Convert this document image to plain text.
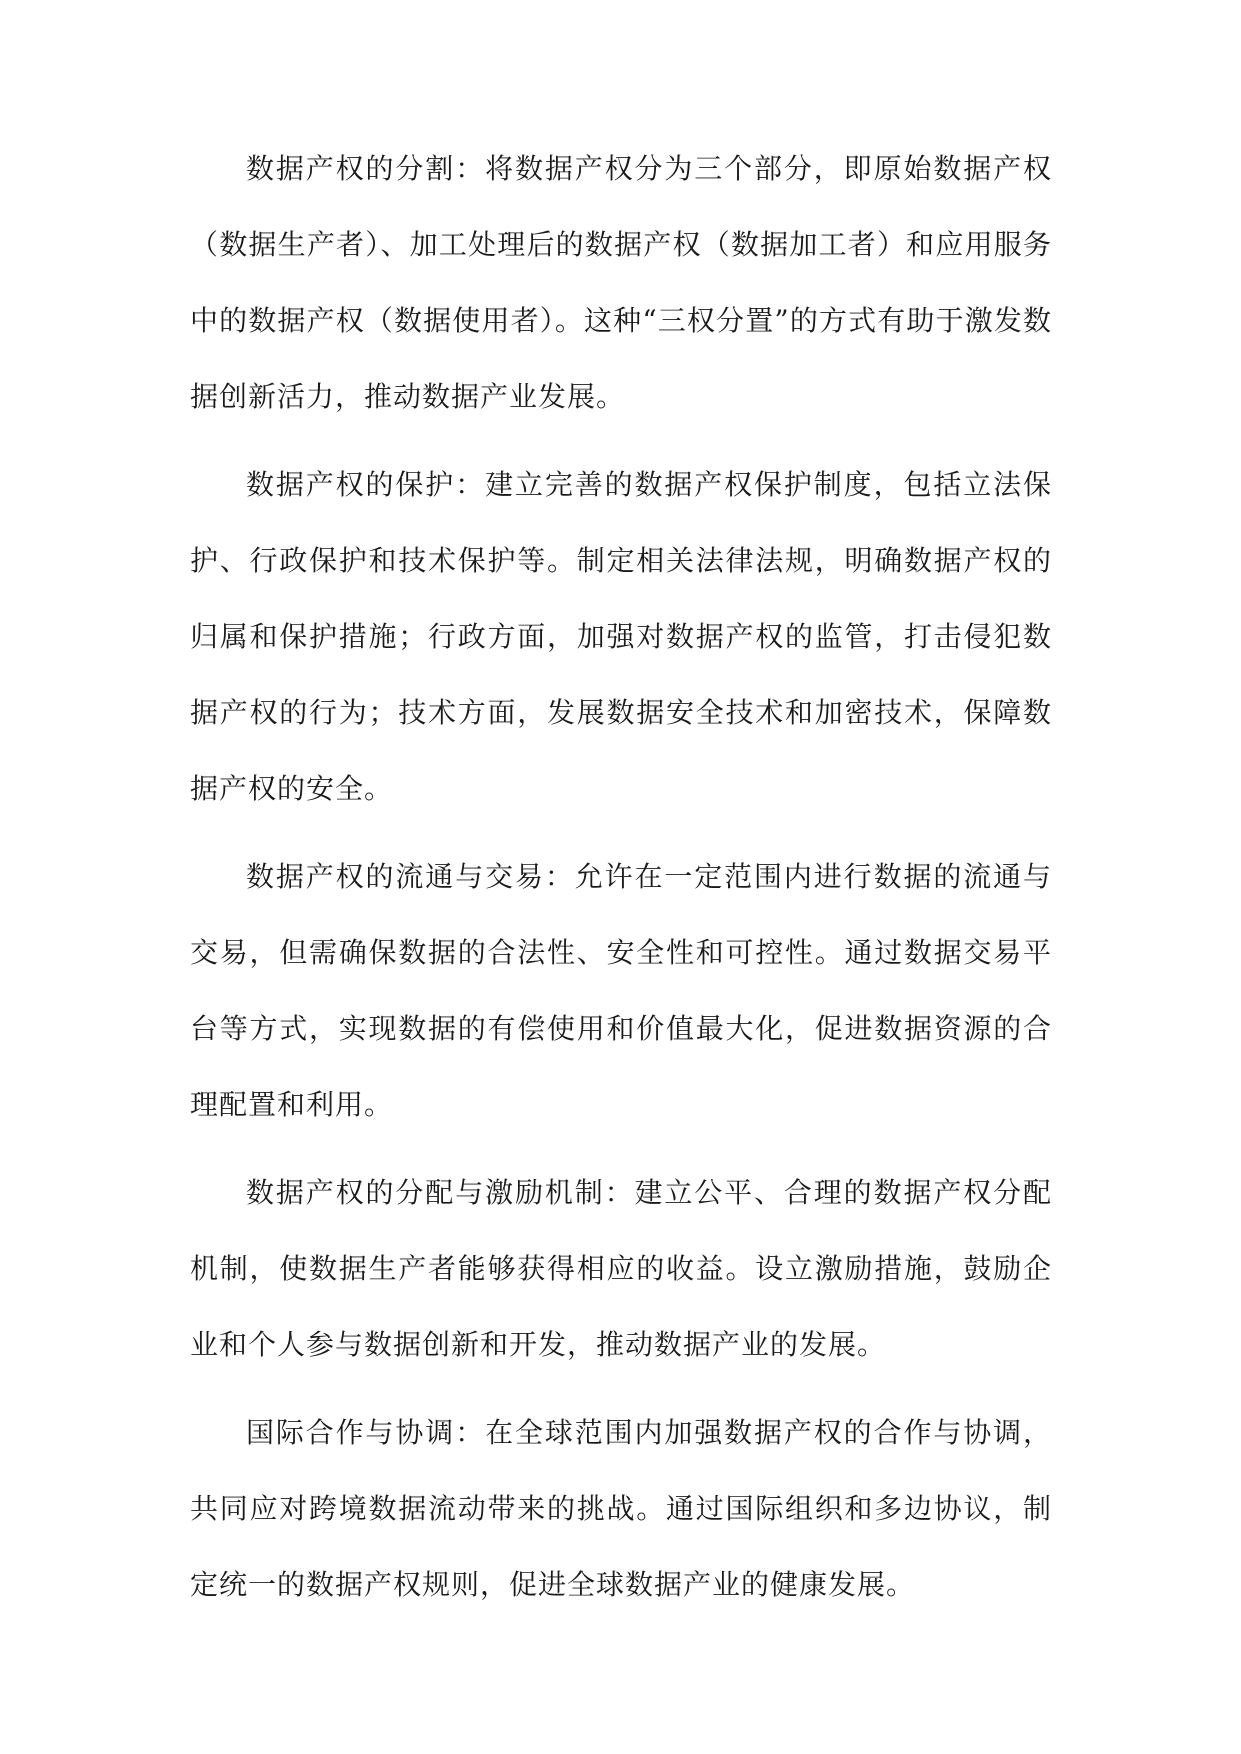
数据产权的分割：将数据产权分为三个部分，即原始数据产权（数据生产者）、加工处理后的数据产权（数据加工者）和应用服务中的数据产权（数据使用者）。这种“三权分置”的方式有助于激发数据创新活力，推动数据产业发展。

数据产权的保护：建立完善的数据产权保护制度，包括立法保护、行政保护和技术保护等。制定相关法律法规，明确数据产权的归属和保护措施；行政方面，加强对数据产权的监管，打击侵犯数据产权的行为；技术方面，发展数据安全技术和加密技术，保障数据产权的安全。

数据产权的流通与交易：允许在一定范围内进行数据的流通与交易，但需确保数据的合法性、安全性和可控性。通过数据交易平台等方式，实现数据的有偿使用和价值最大化，促进数据资源的合理配置和利用。

数据产权的分配与激励机制：建立公平、合理的数据产权分配机制，使数据生产者能够获得相应的收益。设立激励措施，鼓励企业和个人参与数据创新和开发，推动数据产业的发展。

国际合作与协调：在全球范围内加强数据产权的合作与协调，共同应对跨境数据流动带来的挑战。通过国际组织和多边协议，制定统一的数据产权规则，促进全球数据产业的健康发展。
